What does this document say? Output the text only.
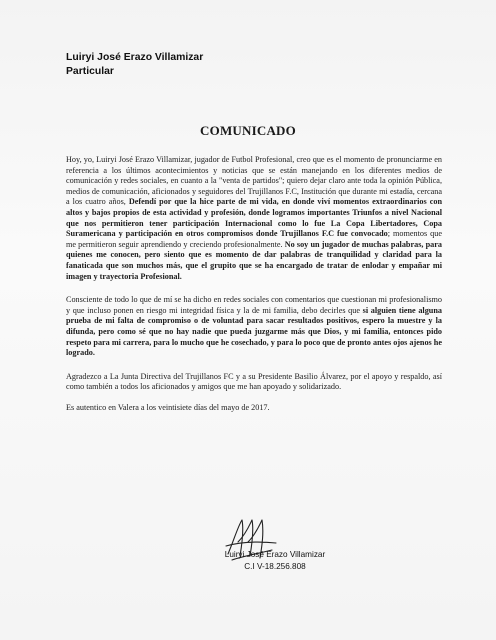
Luiryi José Erazo Villamizar
Particular
COMUNICADO

Hoy, yo, Luiryi José Erazo Villamizar, jugador de Futbol Profesional, creo que es el momento de pronunciarme en referencia a los últimos acontecimientos y noticias que se están manejando en los diferentes medios de comunicación y redes sociales, en cuanto a la "venta de partidos"; quiero dejar claro ante toda la opinión Pública, medios de comunicación, aficionados y seguidores del Trujillanos F.C, Institución que durante mi estadía, cercana a los cuatro años, Defendí por que la hice parte de mi vida, en donde viví momentos extraordinarios con altos y bajos propios de esta actividad y profesión, donde logramos importantes Triunfos a nivel Nacional que nos permitieron tener participación Internacional como lo fue La Copa Libertadores, Copa Suramericana y participación en otros compromisos donde Trujillanos F.C fue convocado; momentos que me permitieron seguir aprendiendo y creciendo profesionalmente. No soy un jugador de muchas palabras, para quienes me conocen, pero siento que es momento de dar palabras de tranquilidad y claridad para la fanaticada que son muchos más, que el grupito que se ha encargado de tratar de enlodar y empañar mi imagen y trayectoria Profesional.

Consciente de todo lo que de mí se ha dicho en redes sociales con comentarios que cuestionan mi profesionalismo y que incluso ponen en riesgo mi integridad física y la de mi familia, debo decirles que si alguien tiene alguna prueba de mi falta de compromiso o de voluntad para sacar resultados positivos, espero la muestre y la difunda, pero como sé que no hay nadie que pueda juzgarme más que Dios, y mi familia, entonces pido respeto para mi carrera, para lo mucho que he cosechado, y para lo poco que de pronto antes ojos ajenos he logrado.

Agradezco a La Junta Directiva del Trujillanos FC y a su Presidente Basilio Álvarez, por el apoyo y respaldo, así como también a todos los aficionados y amigos que me han apoyado y solidarizado.

Es autentico en Valera a los veintisiete días del mayo de 2017.

Luiryi José Erazo Villamizar
C.I V-18.256.808
